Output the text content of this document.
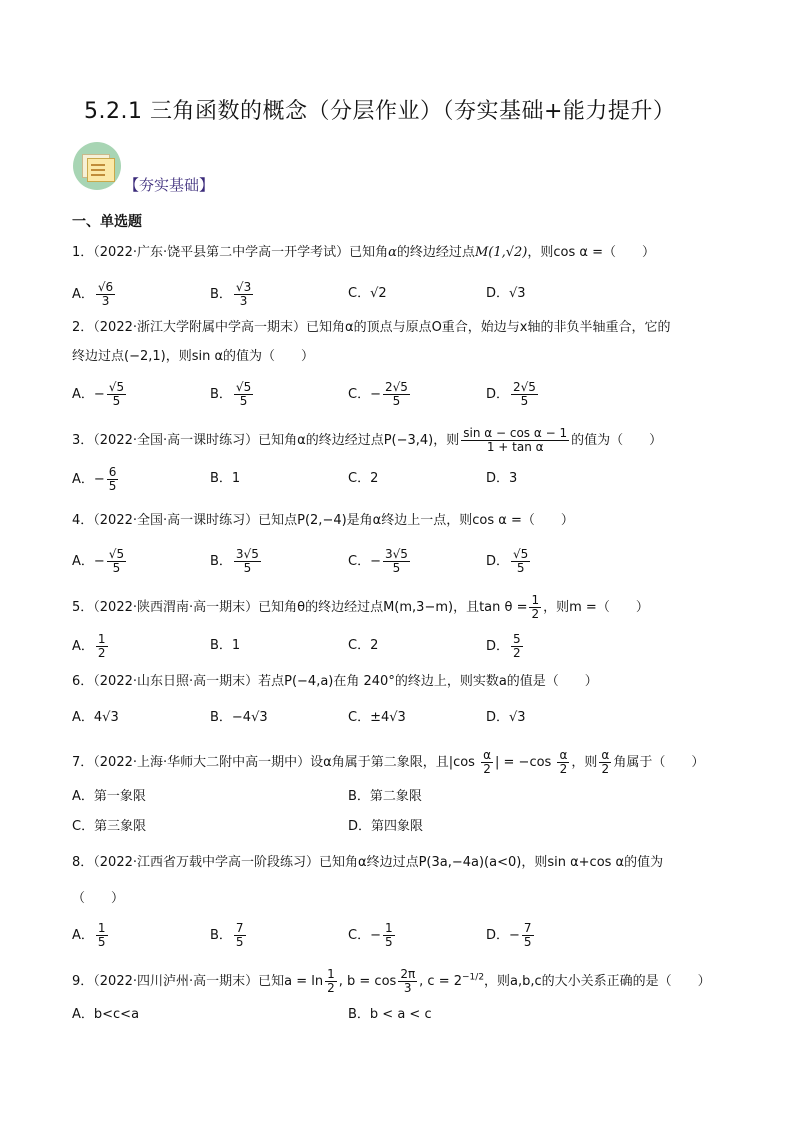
5.2.1 三角函数的概念（分层作业）（夯实基础+能力提升）
【夯实基础】
一、单选题
1．（2022·广东·饶平县第二中学高一开学考试）已知角α的终边经过点M(1,√2)，则cos α =（　　）
A． $\frac{√6}{3}$	B． $\frac{√3}{3}$	C．√2	D．√3
2．（2022·浙江大学附属中学高一期末）已知角α的顶点与原点O重合，始边与x轴的非负半轴重合，它的
终边过点(−2,1)，则sin α的值为（　　）
A．− $\frac{√5}{5}$	B． $\frac{√5}{5}$	C．− $\frac{2√5}{5}$	D． $\frac{2√5}{5}$
3．（2022·全国·高一课时练习）已知角α的终边经过点P(−3,4)，则 $\frac{\text{sin α − cos α − 1}}{\text{1 + tan α}}$ 的值为（　　）
A．− $\frac{6}{5}$	B．1	C．2	D．3
4．（2022·全国·高一课时练习）已知点P(2,−4)是角α终边上一点，则cos α =（　　）
A．− $\frac{√5}{5}$	B． $\frac{3√5}{5}$	C．− $\frac{3√5}{5}$	D． $\frac{√5}{5}$
5．（2022·陕西渭南·高一期末）已知角θ的终边经过点M(m,3−m)，且$\tan \theta = \frac{1}{2}$ ，则m =（　　）
A． $\frac{1}{2}$	B．1	C．2	D． $\frac{5}{2}$
6．（2022·山东日照·高一期末）若点P(−4,a)在角 240°的终边上，则实数a的值是（　　）
A．4√3	B．−4√3	C．±4√3	D．√3
7．（2022·上海·华师大二附中高一期中）设α角属于第二象限，且$|\cos \frac{\alpha}{2}$ | = $-\cos \frac{\alpha}{2}$ ，则 $\frac{\alpha}{2}$ 角属于（　　）
A．第一象限	B．第二象限
C．第三象限	D．第四象限
8．（2022·江西省万载中学高一阶段练习）已知角α终边过点P(3a,−4a)(a<0)，则sin α+cos α的值为
（　　）
A． $\frac{1}{5}$	B． $\frac{7}{5}$	C．− $\frac{1}{5}$	D．− $\frac{7}{5}$
9．（2022·四川泸州·高一期末）已知$a = \ln \frac{1}{2}$ , $b = \cos \frac{2\pi}{3}$ , $c = 2^{-1/2}$，则a,b,c的大小关系正确的是（　　）
A．b<c<a	B．b < a < c
